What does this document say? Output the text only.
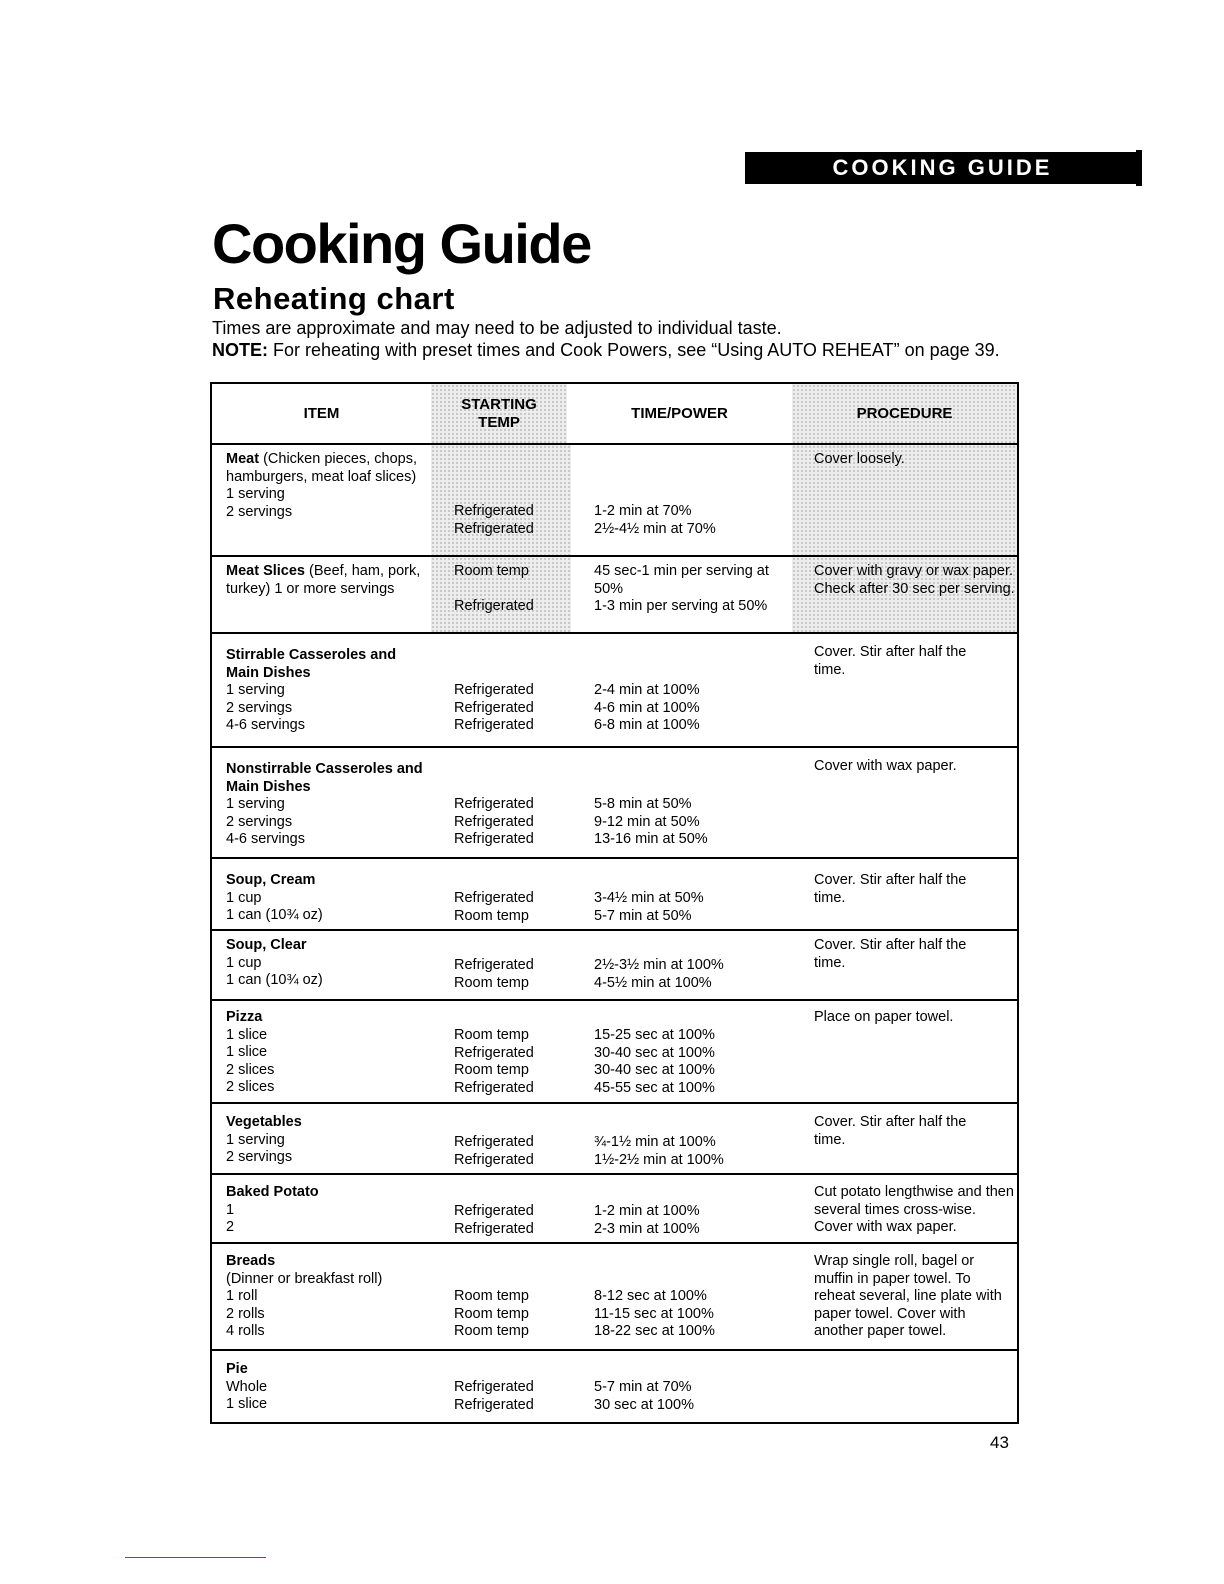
COOKING GUIDE
Cooking Guide
Reheating chart

Times are approximate and may need to be adjusted to individual taste.

NOTE: For reheating with preset times and Cook Powers, see “Using AUTO REHEAT” on page 39.

ITEM
STARTING
TEMP
TIME/POWER	PROCEDURE
Meat (Chicken pieces, chops, hamburgers, meat loaf slices)
1 serving
2 servings	Refrigerated
Refrigerated
1-2 min at 70%
2½-4½ min at 70%
Cover loosely.
Meat Slices (Beef, ham, pork, turkey) 1 or more servings
Room temp
Refrigerated
45 sec-1 min per serving at 50%
1-3 min per serving at 50%
Cover with gravy or wax paper. Check after 30 sec per serving.
Stirrable Casseroles and Main Dishes
1 serving
2 servings
4-6 servings
Refrigerated
Refrigerated
Refrigerated
2-4 min at 100%
4-6 min at 100%
6-8 min at 100%
Cover. Stir after half the time.
Nonstirrable Casseroles and Main Dishes
1 serving
2 servings
4-6 servings
Refrigerated
Refrigerated
Refrigerated
5-8 min at 50%
9-12 min at 50%
13-16 min at 50%
Cover with wax paper.
Soup, Cream
1 cup
1 can (10¾ oz)
Refrigerated
Room temp
3-4½ min at 50%
5-7 min at 50%
Cover. Stir after half the time.
Soup, Clear
1 cup
1 can (10¾ oz)
Refrigerated
Room temp
2½-3½ min at 100%
4-5½ min at 100%
Cover. Stir after half the time.
Pizza
1 slice
1 slice
2 slices
2 slices
Room temp
Refrigerated
Room temp
Refrigerated
15-25 sec at 100%
30-40 sec at 100%
30-40 sec at 100%
45-55 sec at 100%
Place on paper towel.
Vegetables
1 serving
2 servings
Refrigerated
Refrigerated
¾-1½ min at 100%
1½-2½ min at 100%
Cover. Stir after half the time.
Baked Potato
1
2
Refrigerated
Refrigerated
1-2 min at 100%
2-3 min at 100%
Cut potato lengthwise and then several times cross-wise. Cover with wax paper.
Breads
(Dinner or breakfast roll)
1 roll
2 rolls
4 rolls
Room temp
Room temp
Room temp
8-12 sec at 100%
11-15 sec at 100%
18-22 sec at 100%
Wrap single roll, bagel or muffin in paper towel. To reheat several, line plate with paper towel. Cover with another paper towel.
Pie
Whole
1 slice
Refrigerated
Refrigerated
5-7 min at 70%
30 sec at 100%
43
